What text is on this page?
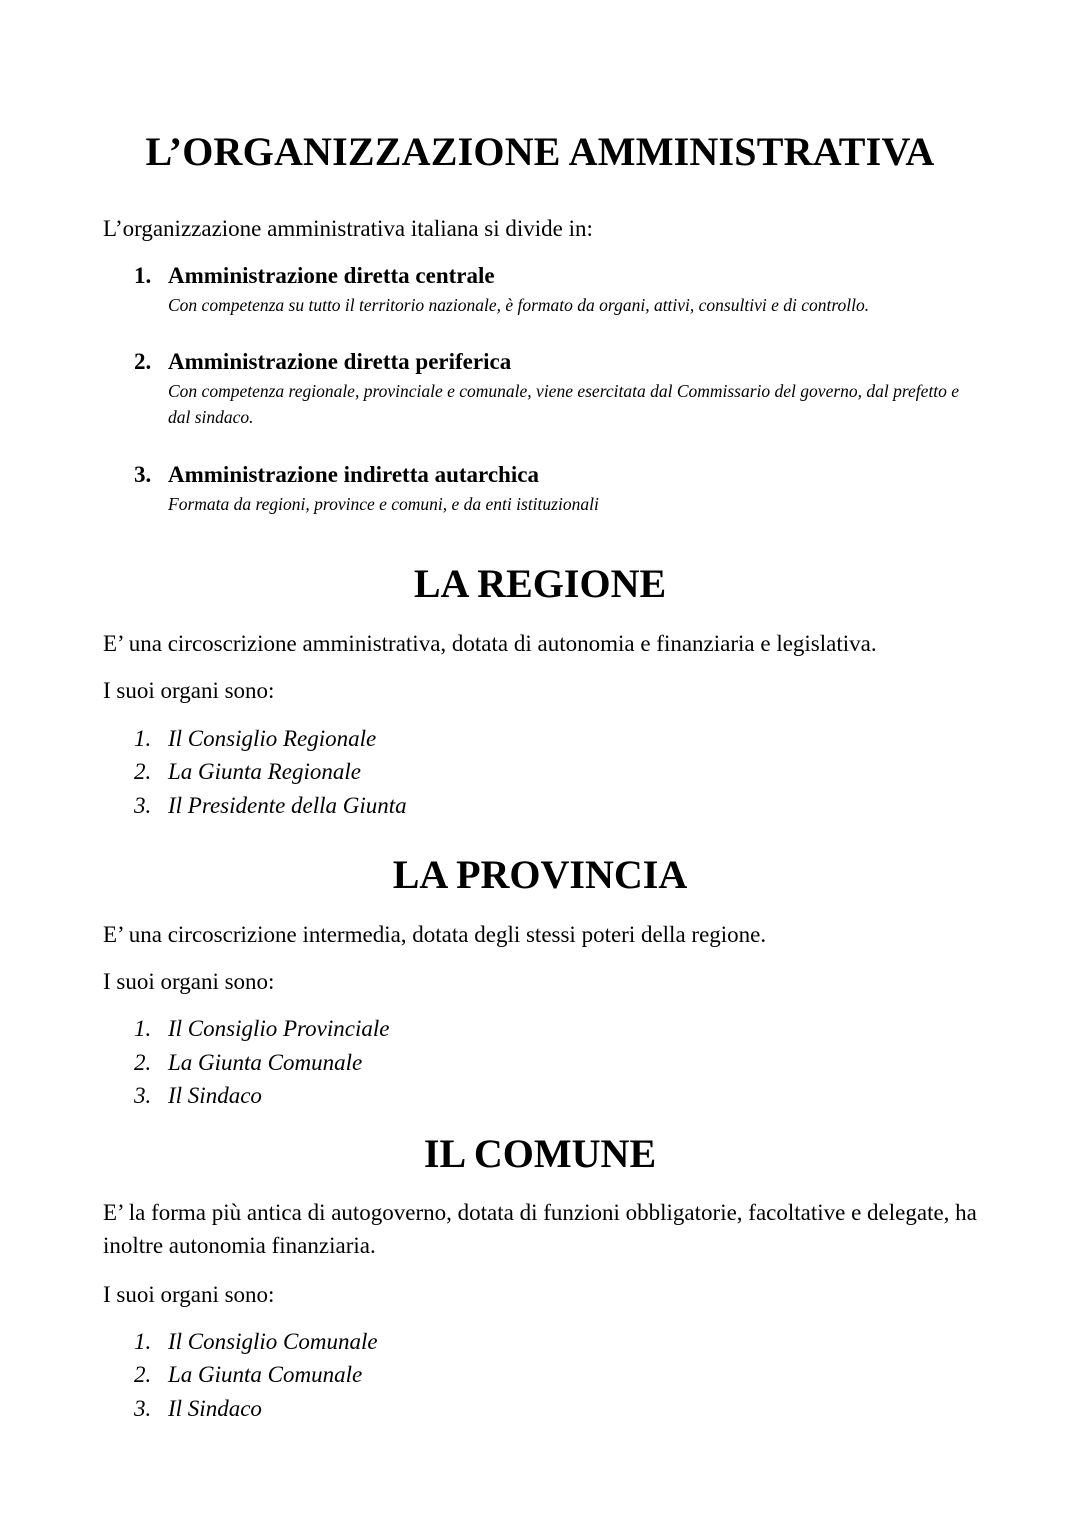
L’ORGANIZZAZIONE AMMINISTRATIVA

L’organizzazione amministrativa italiana si divide in:

1. Amministrazione diretta centrale
Con competenza su tutto il territorio nazionale, è formato da organi, attivi, consultivi e di controllo.
2. Amministrazione diretta periferica
Con competenza regionale, provinciale e comunale, viene esercitata dal Commissario del governo, dal prefetto e dal sindaco.
3. Amministrazione indiretta autarchica
Formata da regioni, province e comuni, e da enti istituzionali
LA REGIONE

E’ una circoscrizione amministrativa, dotata di autonomia e finanziaria e legislativa.

I suoi organi sono:

1. Il Consiglio Regionale
2. La Giunta Regionale
3. Il Presidente della Giunta
LA PROVINCIA

E’ una circoscrizione intermedia, dotata degli stessi poteri della regione.

I suoi organi sono:

1. Il Consiglio Provinciale
2. La Giunta Comunale
3. Il Sindaco
IL COMUNE

E’ la forma più antica di autogoverno, dotata di funzioni obbligatorie, facoltative e delegate, ha inoltre autonomia finanziaria.

I suoi organi sono:

1. Il Consiglio Comunale
2. La Giunta Comunale
3. Il Sindaco
